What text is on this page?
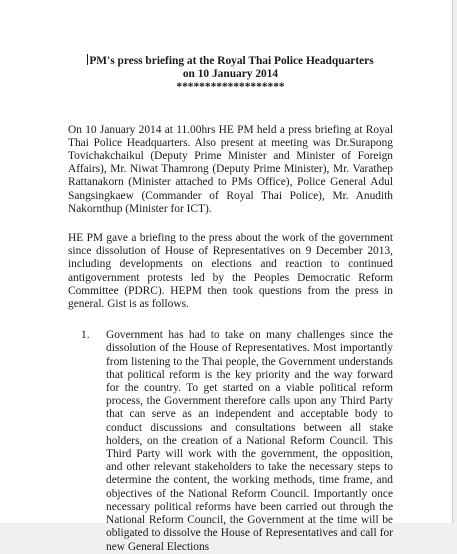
PM's press briefing at the Royal Thai Police Headquarters
on 10 January 2014
*******************

On 10 January 2014 at 11.00hrs HE PM held a press briefing at Royal Thai Police Headquarters. Also present at meeting was Dr.Surapong Tovichakchaikul (Deputy Prime Minister and Minister of Foreign Affairs), Mr. Niwat Thamrong (Deputy Prime Minister), Mr. Varathep Rattanakorn (Minister attached to PMs Office), Police General Adul Sangsingkaew (Commander of Royal Thai Police), Mr. Anudith Nakornthup (Minister for ICT).

HE PM gave a briefing to the press about the work of the government since dissolution of House of Representatives on 9 December 2013, including developments on elections and reaction to continued antigovernment protests led by the Peoples Democratic Reform Committee (PDRC). HEPM then took questions from the press in general. Gist is as follows.

1. Government has had to take on many challenges since the dissolution of the House of Representatives. Most importantly from listening to the Thai people, the Government understands that political reform is the key priority and the way forward for the country. To get started on a viable political reform process, the Government therefore calls upon any Third Party that can serve as an independent and acceptable body to conduct discussions and consultations between all stake holders, on the creation of a National Reform Council. This Third Party will work with the government, the opposition, and other relevant stakeholders to take the necessary steps to determine the content, the working methods, time frame, and objectives of the National Reform Council. Importantly once necessary political reforms have been carried out through the National Reform Council, the Government at the time will be obligated to dissolve the House of Representatives and call for new General Elections
